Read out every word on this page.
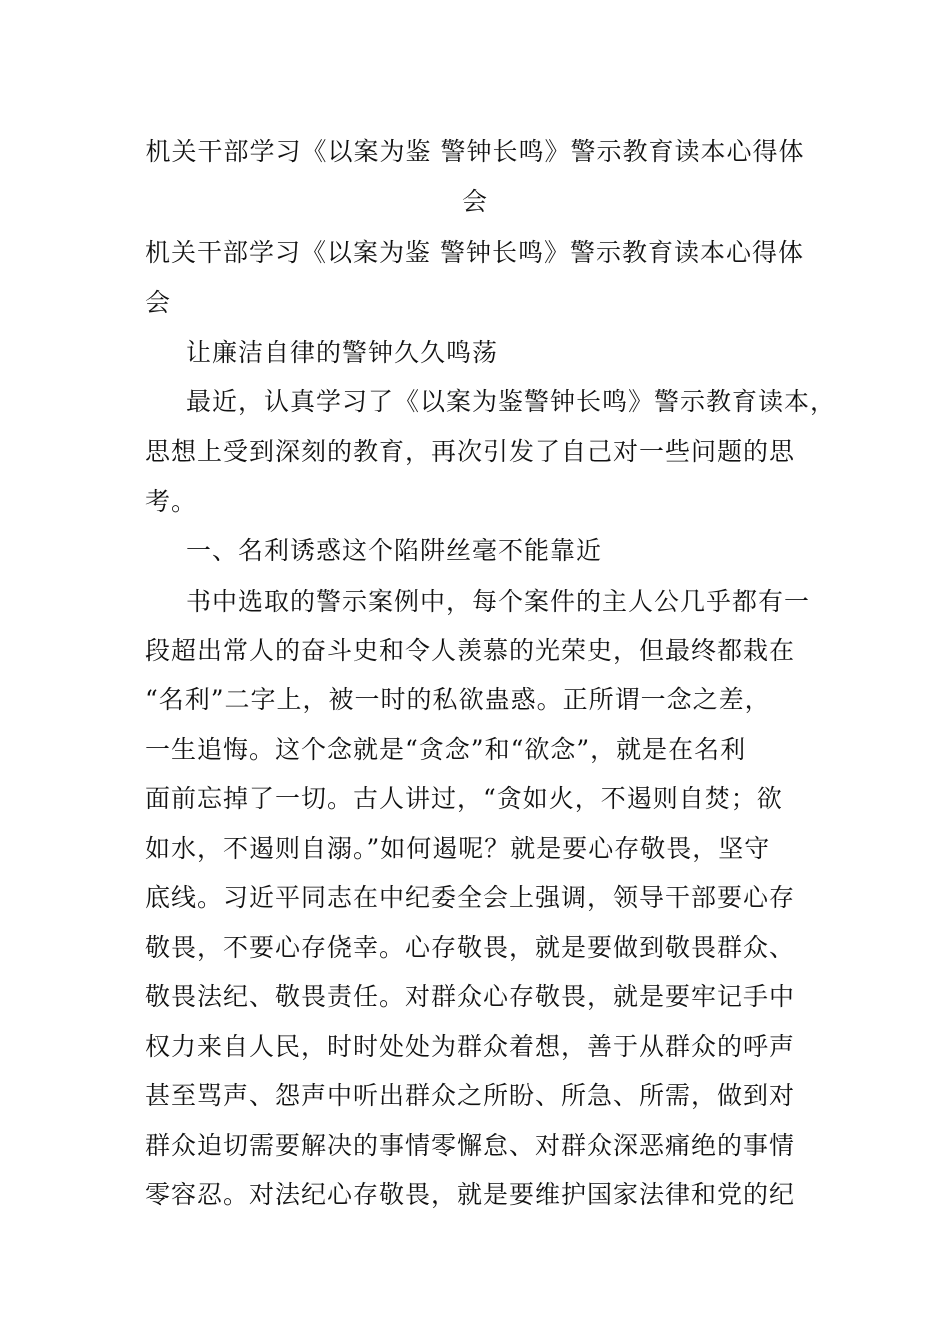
机关干部学习《以案为鉴 警钟长鸣》警示教育读本心得体
会
机关干部学习《以案为鉴 警钟长鸣》警示教育读本心得体
会
让廉洁自律的警钟久久鸣荡
最近，认真学习了《以案为鉴警钟长鸣》警示教育读本，
思想上受到深刻的教育，再次引发了自己对一些问题的思
考。
一、名利诱惑这个陷阱丝毫不能靠近
书中选取的警示案例中，每个案件的主人公几乎都有一
段超出常人的奋斗史和令人羡慕的光荣史，但最终都栽在
“名利”二字上，被一时的私欲蛊惑。正所谓一念之差，
一生追悔。这个念就是“贪念”和“欲念”，就是在名利
面前忘掉了一切。古人讲过，“贪如火，不遏则自焚；欲
如水，不遏则自溺。”如何遏呢？就是要心存敬畏，坚守
底线。习近平同志在中纪委全会上强调，领导干部要心存
敬畏，不要心存侥幸。心存敬畏，就是要做到敬畏群众、
敬畏法纪、敬畏责任。对群众心存敬畏，就是要牢记手中
权力来自人民，时时处处为群众着想，善于从群众的呼声
甚至骂声、怨声中听出群众之所盼、所急、所需，做到对
群众迫切需要解决的事情零懈怠、对群众深恶痛绝的事情
零容忍。对法纪心存敬畏，就是要维护国家法律和党的纪
